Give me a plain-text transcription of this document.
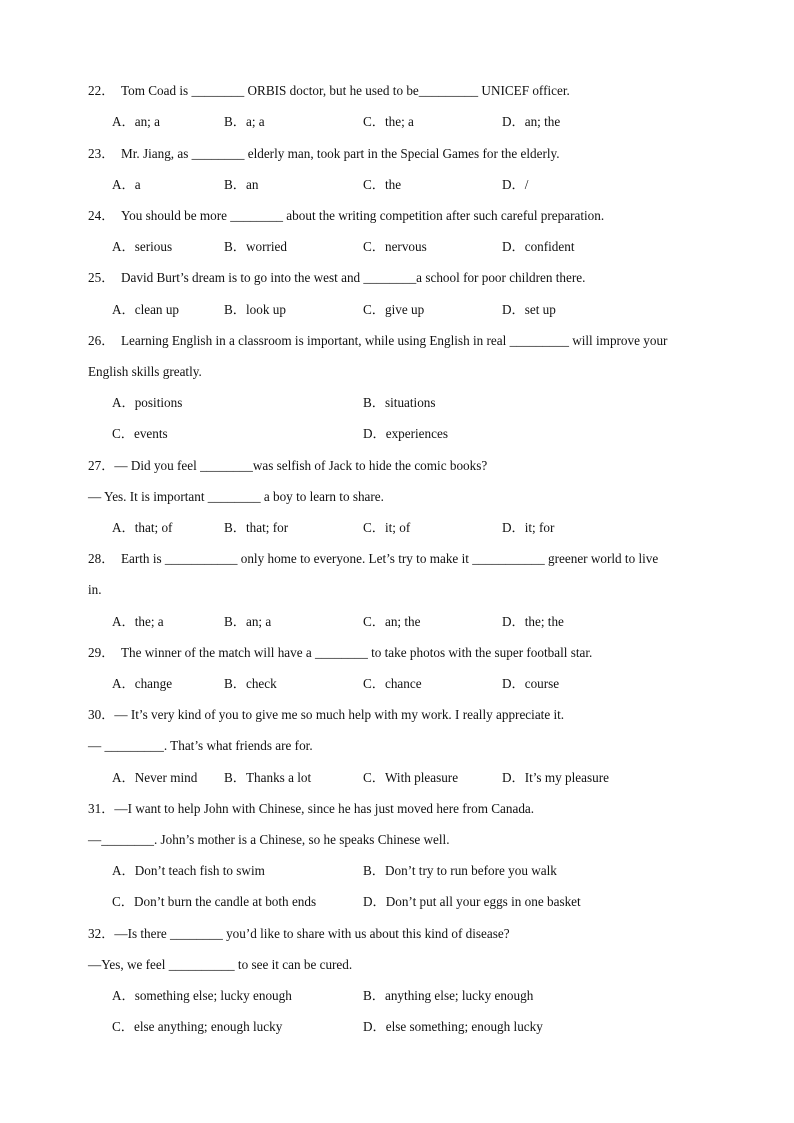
22．　Tom Coad is ________ ORBIS doctor, but he used to be_________ UNICEF officer.
A．an; a	B．a; a	C．the; a	D．an; the
23．　Mr. Jiang, as ________ elderly man, took part in the Special Games for the elderly.
A．a	B．an	C．the	D．/
24．　You should be more ________ about the writing competition after such careful preparation.
A．serious	B．worried	C．nervous	D．confident
25．　David Burt’s dream is to go into the west and ________a school for poor children there.
A．clean up	B．look up	C．give up	D．set up
26．　Learning English in a classroom is important, while using English in real _________ will improve your
English skills greatly.
A．positions	B．situations
C．events	D．experiences
27．— Did you feel ________was selfish of Jack to hide the comic books?
— Yes. It is important ________ a boy to learn to share.
A．that; of	B．that; for	C．it; of	D．it; for
28．　Earth is ___________ only home to everyone. Let’s try to make it ___________ greener world to live
in.
A．the; a	B．an; a	C．an; the	D．the; the
29．　The winner of the match will have a ________ to take photos with the super football star.
A．change	B．check	C．chance	D．course
30．— It’s very kind of you to give me so much help with my work. I really appreciate it.
— _________. That’s what friends are for.
A．Never mind B．Thanks a lot	C．With pleasure	D．It’s my pleasure
31．—I want to help John with Chinese, since he has just moved here from Canada.
—________. John’s mother is a Chinese, so he speaks Chinese well.
A．Don’t teach fish to swim	B．Don’t try to run before you walk
C．Don’t burn the candle at both ends	D．Don’t put all your eggs in one basket
32．—Is there ________ you’d like to share with us about this kind of disease?
—Yes, we feel __________ to see it can be cured.
A．something else; lucky enough	B．anything else; lucky enough
C．else anything; enough lucky	D．else something; enough lucky
